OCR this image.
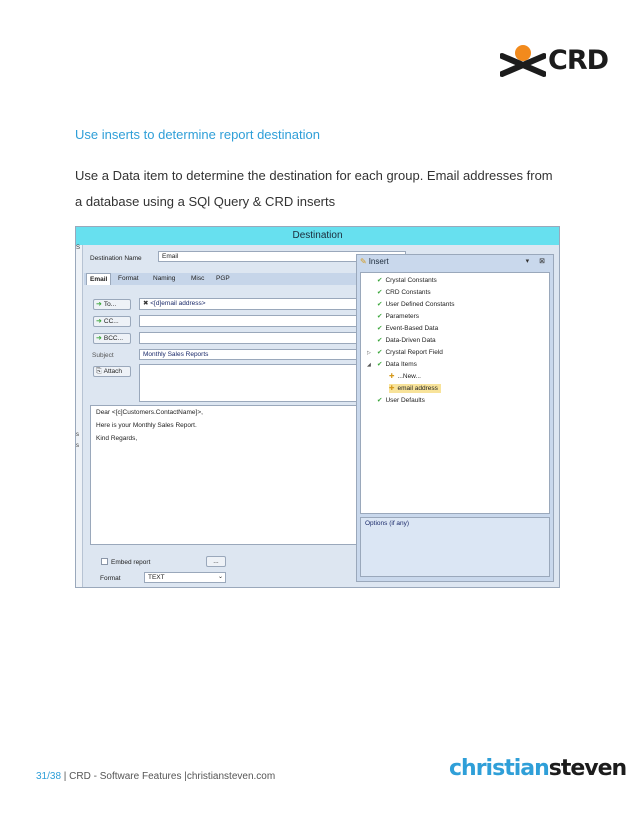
CRD
Use inserts to determine report destination
Use a Data item to determine the destination for each group. Email addresses from a database using a SQl Query & CRD inserts
Destination
S
s
s
Destination Name	Email
Email	Format Naming Misc PGP
➜ To...	✖ <[d]email address>
➜ CC...
➜ BCC...
Subject	Monthly Sales Reports
⎘ Attach
Dear <[c]Customers.ContactName]>,
Here is your Monthly Sales Report.
Kind Regards,
Embed report	...
Format	TEXT	⌄
✎ Insert	▾ ⊠
✔ Crystal Constants
✔ CRD Constants
✔ User Defined Constants
✔ Parameters
✔ Event-Based Data
✔ Data-Driven Data
▷ ✔ Crystal Report Field
◢ ✔ Data Items
✚ ...New...
✚ email address
✔ User Defaults
Options (if any)
31/38 | CRD - Software Features |christiansteven.com	christiansteven
